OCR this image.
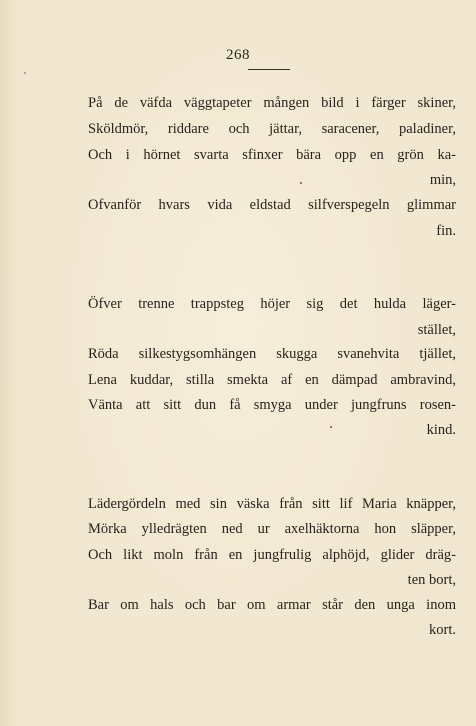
268
På de väfda väggtapeter mången bild i färger skiner,
Sköldmör, riddare och jättar, saracener, paladiner,
Och i hörnet svarta sfinxer bära opp en grön ka-
min,
Ofvanför hvars vida eldstad silfverspegeln glimmar
fin.
Öfver trenne trappsteg höjer sig det hulda läger-
stället,
Röda silkestygsomhängen skugga svanehvita tjället,
Lena kuddar, stilla smekta af en dämpad ambravind,
Vänta att sitt dun få smyga under jungfruns rosen-
kind.
Lädergördeln med sin väska från sitt lif Maria knäpper,
Mörka ylledrägten ned ur axelhäktorna hon släpper,
Och likt moln från en jungfrulig alphöjd, glider dräg-
ten bort,
Bar om hals och bar om armar står den unga inom
kort.
